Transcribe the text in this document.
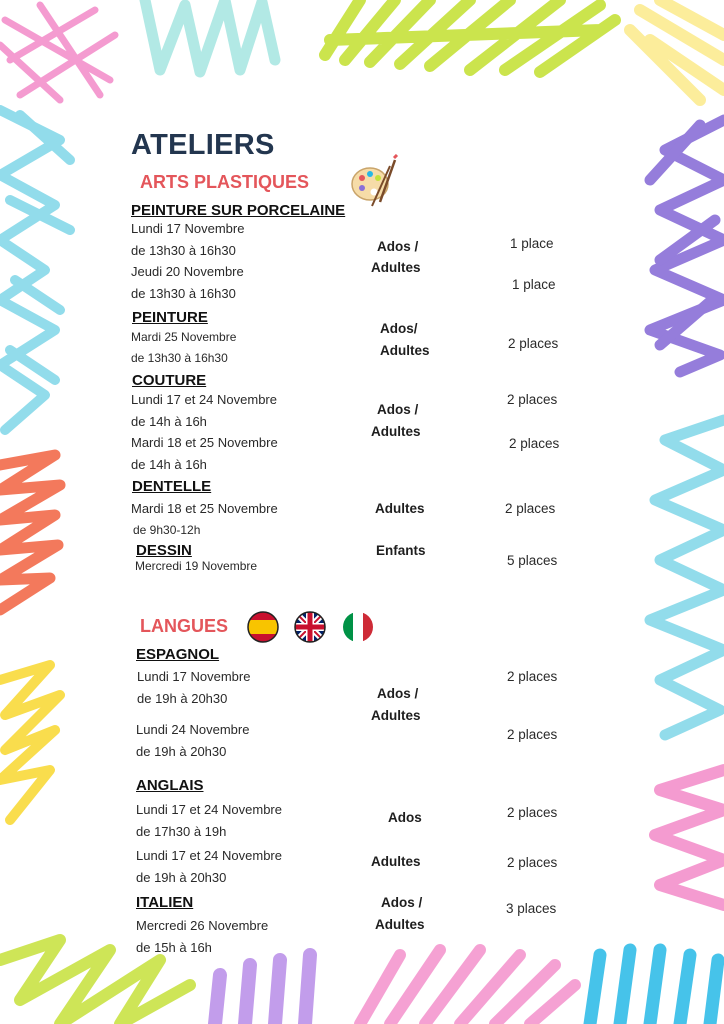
ATELIERS
ARTS PLASTIQUES
PEINTURE SUR PORCELAINE
Lundi 17 Novembre
de 13h30 à 16h30
Jeudi 20 Novembre
de 13h30 à 16h30
Ados /
Adultes
1 place
1 place
PEINTURE
Mardi 25 Novembre
de 13h30 à 16h30
Ados/
Adultes	2 places
COUTURE
Lundi 17 et 24 Novembre
de 14h à 16h
Mardi 18 et 25 Novembre
de 14h à 16h
Ados /
Adultes
2 places
2 places
DENTELLE
Mardi 18 et 25 Novembre
de 9h30-12h
Adultes	2 places
DESSIN
Mercredi 19 Novembre
Enfants
5 places
LANGUES
ESPAGNOL
Lundi 17 Novembre
de 19h à 20h30
Lundi 24 Novembre
de 19h à 20h30
Ados /
Adultes
2 places
2 places
ANGLAIS
Lundi 17 et 24 Novembre
de 17h30 à 19h
Lundi 17 et 24 Novembre
de 19h à 20h30
Ados
Adultes
2 places
2 places
ITALIEN
Mercredi 26 Novembre
de 15h à 16h
Ados /
Adultes
3 places
